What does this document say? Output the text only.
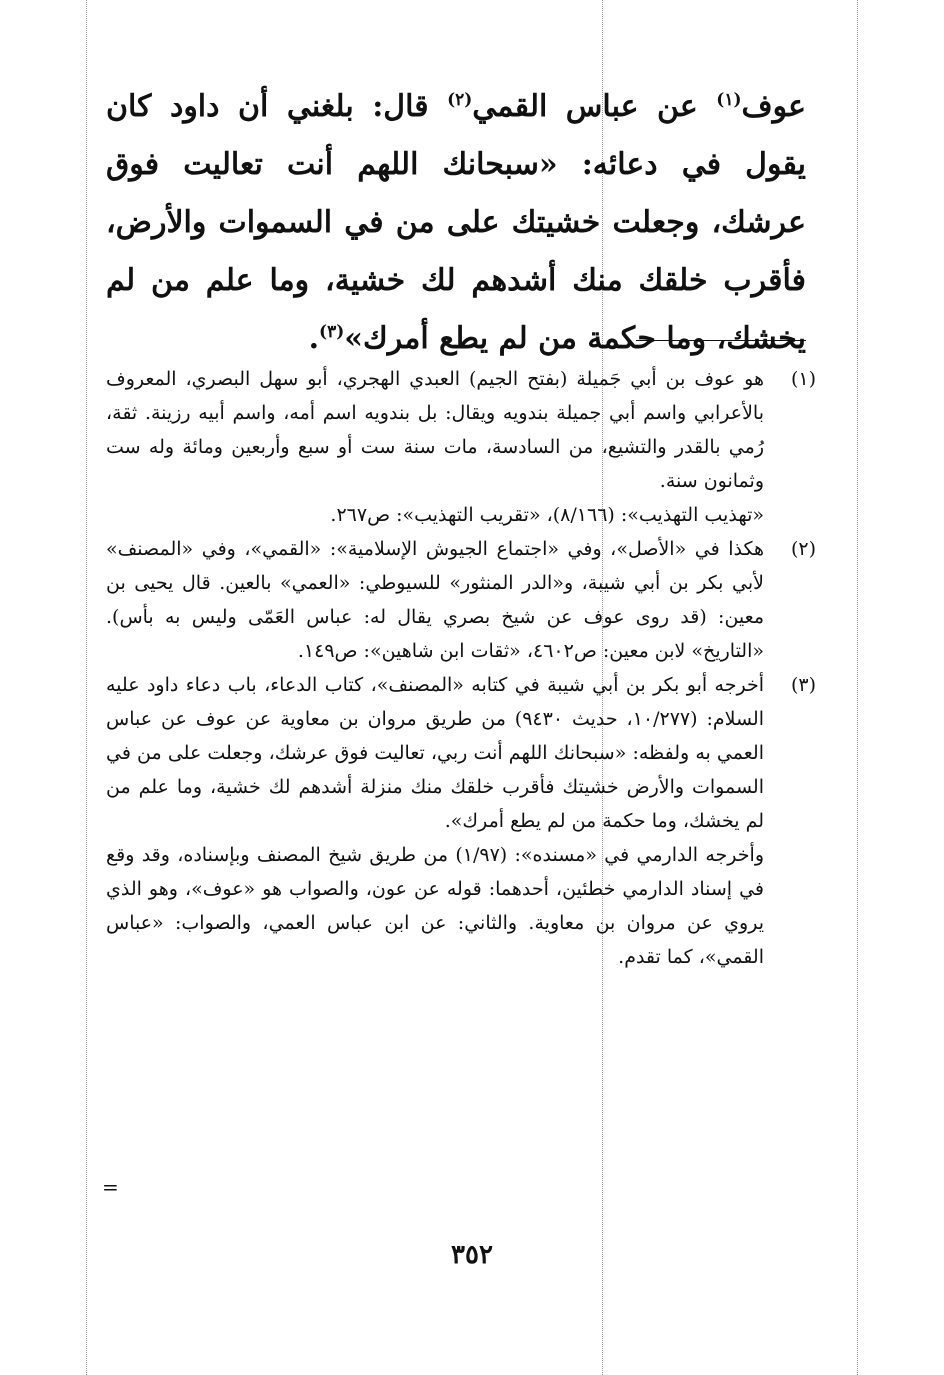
عوف$^{(١)}$ عن عباس القمي$^{(٢)}$ قال: بلغني أن داود كان يقول في دعائه: «سبحانك اللهم أنت تعاليت فوق عرشك، وجعلت خشيتك على من في السموات والأرض، فأقرب خلقك منك أشدهم لك خشية، وما علم من لم يخشك، وما حكمة من لم يطع أمرك»$^{(٣)}$.

(١)

هو عوف بن أبي جَميلة (بفتح الجيم) العبدي الهجري، أبو سهل البصري، المعروف بالأعرابي واسم أبي جميلة بندويه ويقال: بل بندويه اسم أمه، واسم أبيه رزينة. ثقة، رُمي بالقدر والتشيع، من السادسة، مات سنة ست أو سبع وأربعين ومائة وله ست وثمانون سنة.

«تهذيب التهذيب»: (٨/١٦٦)، «تقريب التهذيب»: ص٢٦٧.

(٢)

هكذا في «الأصل»، وفي «اجتماع الجيوش الإسلامية»: «القمي»، وفي «المصنف» لأبي بكر بن أبي شيبة، و«الدر المنثور» للسيوطي: «العمي» بالعين. قال يحيى بن معين: (قد روى عوف عن شيخ بصري يقال له: عباس العَمّى وليس به بأس). «التاريخ» لابن معين: ص٤٦٠٢، «ثقات ابن شاهين»: ص١٤٩.

(٣)

أخرجه أبو بكر بن أبي شيبة في كتابه «المصنف»، كتاب الدعاء، باب دعاء داود عليه السلام: (١٠/٢٧٧، حديث ٩٤٣٠) من طريق مروان بن معاوية عن عوف عن عباس العمي به ولفظه: «سبحانك اللهم أنت ربي، تعاليت فوق عرشك، وجعلت على من في السموات والأرض خشيتك فأقرب خلقك منك منزلة أشدهم لك خشية، وما علم من لم يخشك، وما حكمة من لم يطع أمرك».

وأخرجه الدارمي في «مسنده»: (١/٩٧) من طريق شيخ المصنف وبإسناده، وقد وقع في إسناد الدارمي خطئين، أحدهما: قوله عن عون، والصواب هو «عوف»، وهو الذي يروي عن مروان بن معاوية. والثاني: عن ابن عباس العمي، والصواب: «عباس القمي»، كما تقدم.

=
٣٥٢
